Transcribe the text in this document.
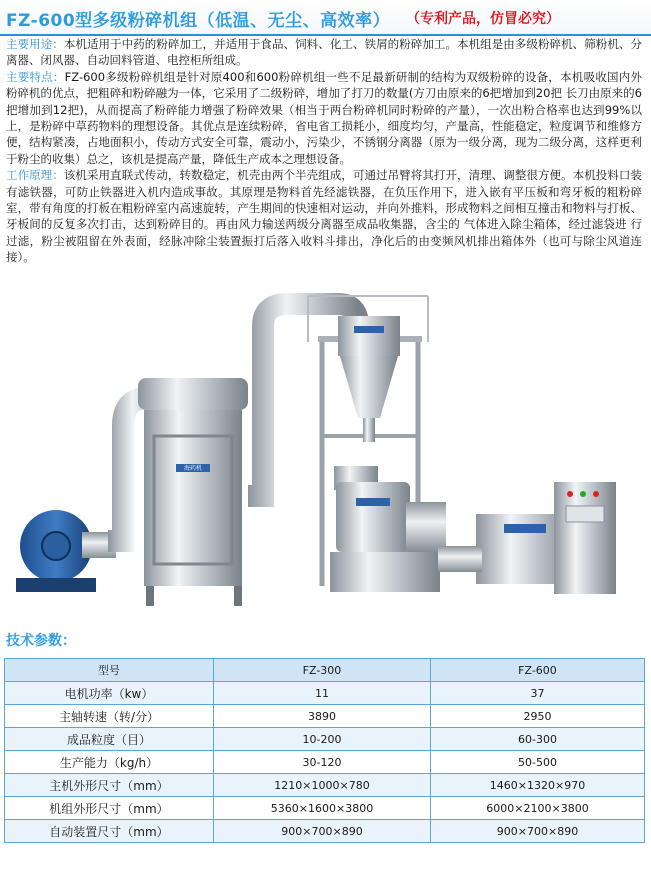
FZ-600型多级粉碎机组（低温、无尘、高效率） （专利产品，仿冒必究）

主要用途：本机适用于中药的粉碎加工，并适用于食品、饲料、化工、铁屑的粉碎加工。本机组是由多级粉碎机、筛粉机、分离器、闭风器、自动回料管道、电控柜所组成。

主要特点：FZ-600多级粉碎机组是针对原400和600粉碎机组一些不足最新研制的结构为双级粉碎的设备，本机吸收国内外粉碎机的优点，把粗碎和粉碎融为一体，它采用了二级粉碎，增加了打刀的数量(方刀由原来的6把增加到20把 长刀由原来的6把增加到12把)，从而提高了粉碎能力增强了粉碎效果（相当于两台粉碎机同时粉碎的产量），一次出粉合格率也达到99%以上，是粉碎中草药物料的理想设备。其优点是连续粉碎，省电省工损耗小，细度均匀，产量高，性能稳定，粒度调节和维修方便，结构紧凑，占地面积小，传动方式安全可靠，震动小，污染少，不锈钢分离器（原为一级分离，现为二级分离，这样更利于粉尘的收集）总之，该机是提高产量，降低生产成本之理想设备。

工作原理：该机采用直联式传动，转数稳定，机壳由两个半壳组成，可通过吊臂将其打开，清理、调整很方便。本机投料口装有滤铁器，可防止铁器进入机内造成事故。其原理是物料首先经滤铁器，在负压作用下，进入嵌有平压板和弯牙板的粗粉碎室，带有角度的打板在粗粉碎室内高速旋转，产生期间的快速相对运动，并向外推料，形成物料之间相互撞击和物料与打板、牙板间的反复多次打击，达到粉碎目的。再由风力输送两级分离器至成品收集器，含尘的 气体进入除尘箱体，经过滤袋进 行过滤，粉尘被阻留在外表面，经脉冲除尘装置振打后落入收料斗排出，净化后的由变频风机排出箱体外（也可与除尘风道连接）。

海药机
技术参数：
型号	FZ-300	FZ-600
电机功率（kw）	11	37
主轴转速（转/分）	3890	2950
成品粒度（目）	10-200	60-300
生产能力（kg/h）	30-120	50-500
主机外形尺寸（mm）	1210×1000×780	1460×1320×970
机组外形尺寸（mm）	5360×1600×3800	6000×2100×3800
自动装置尺寸（mm）	900×700×890	900×700×890
